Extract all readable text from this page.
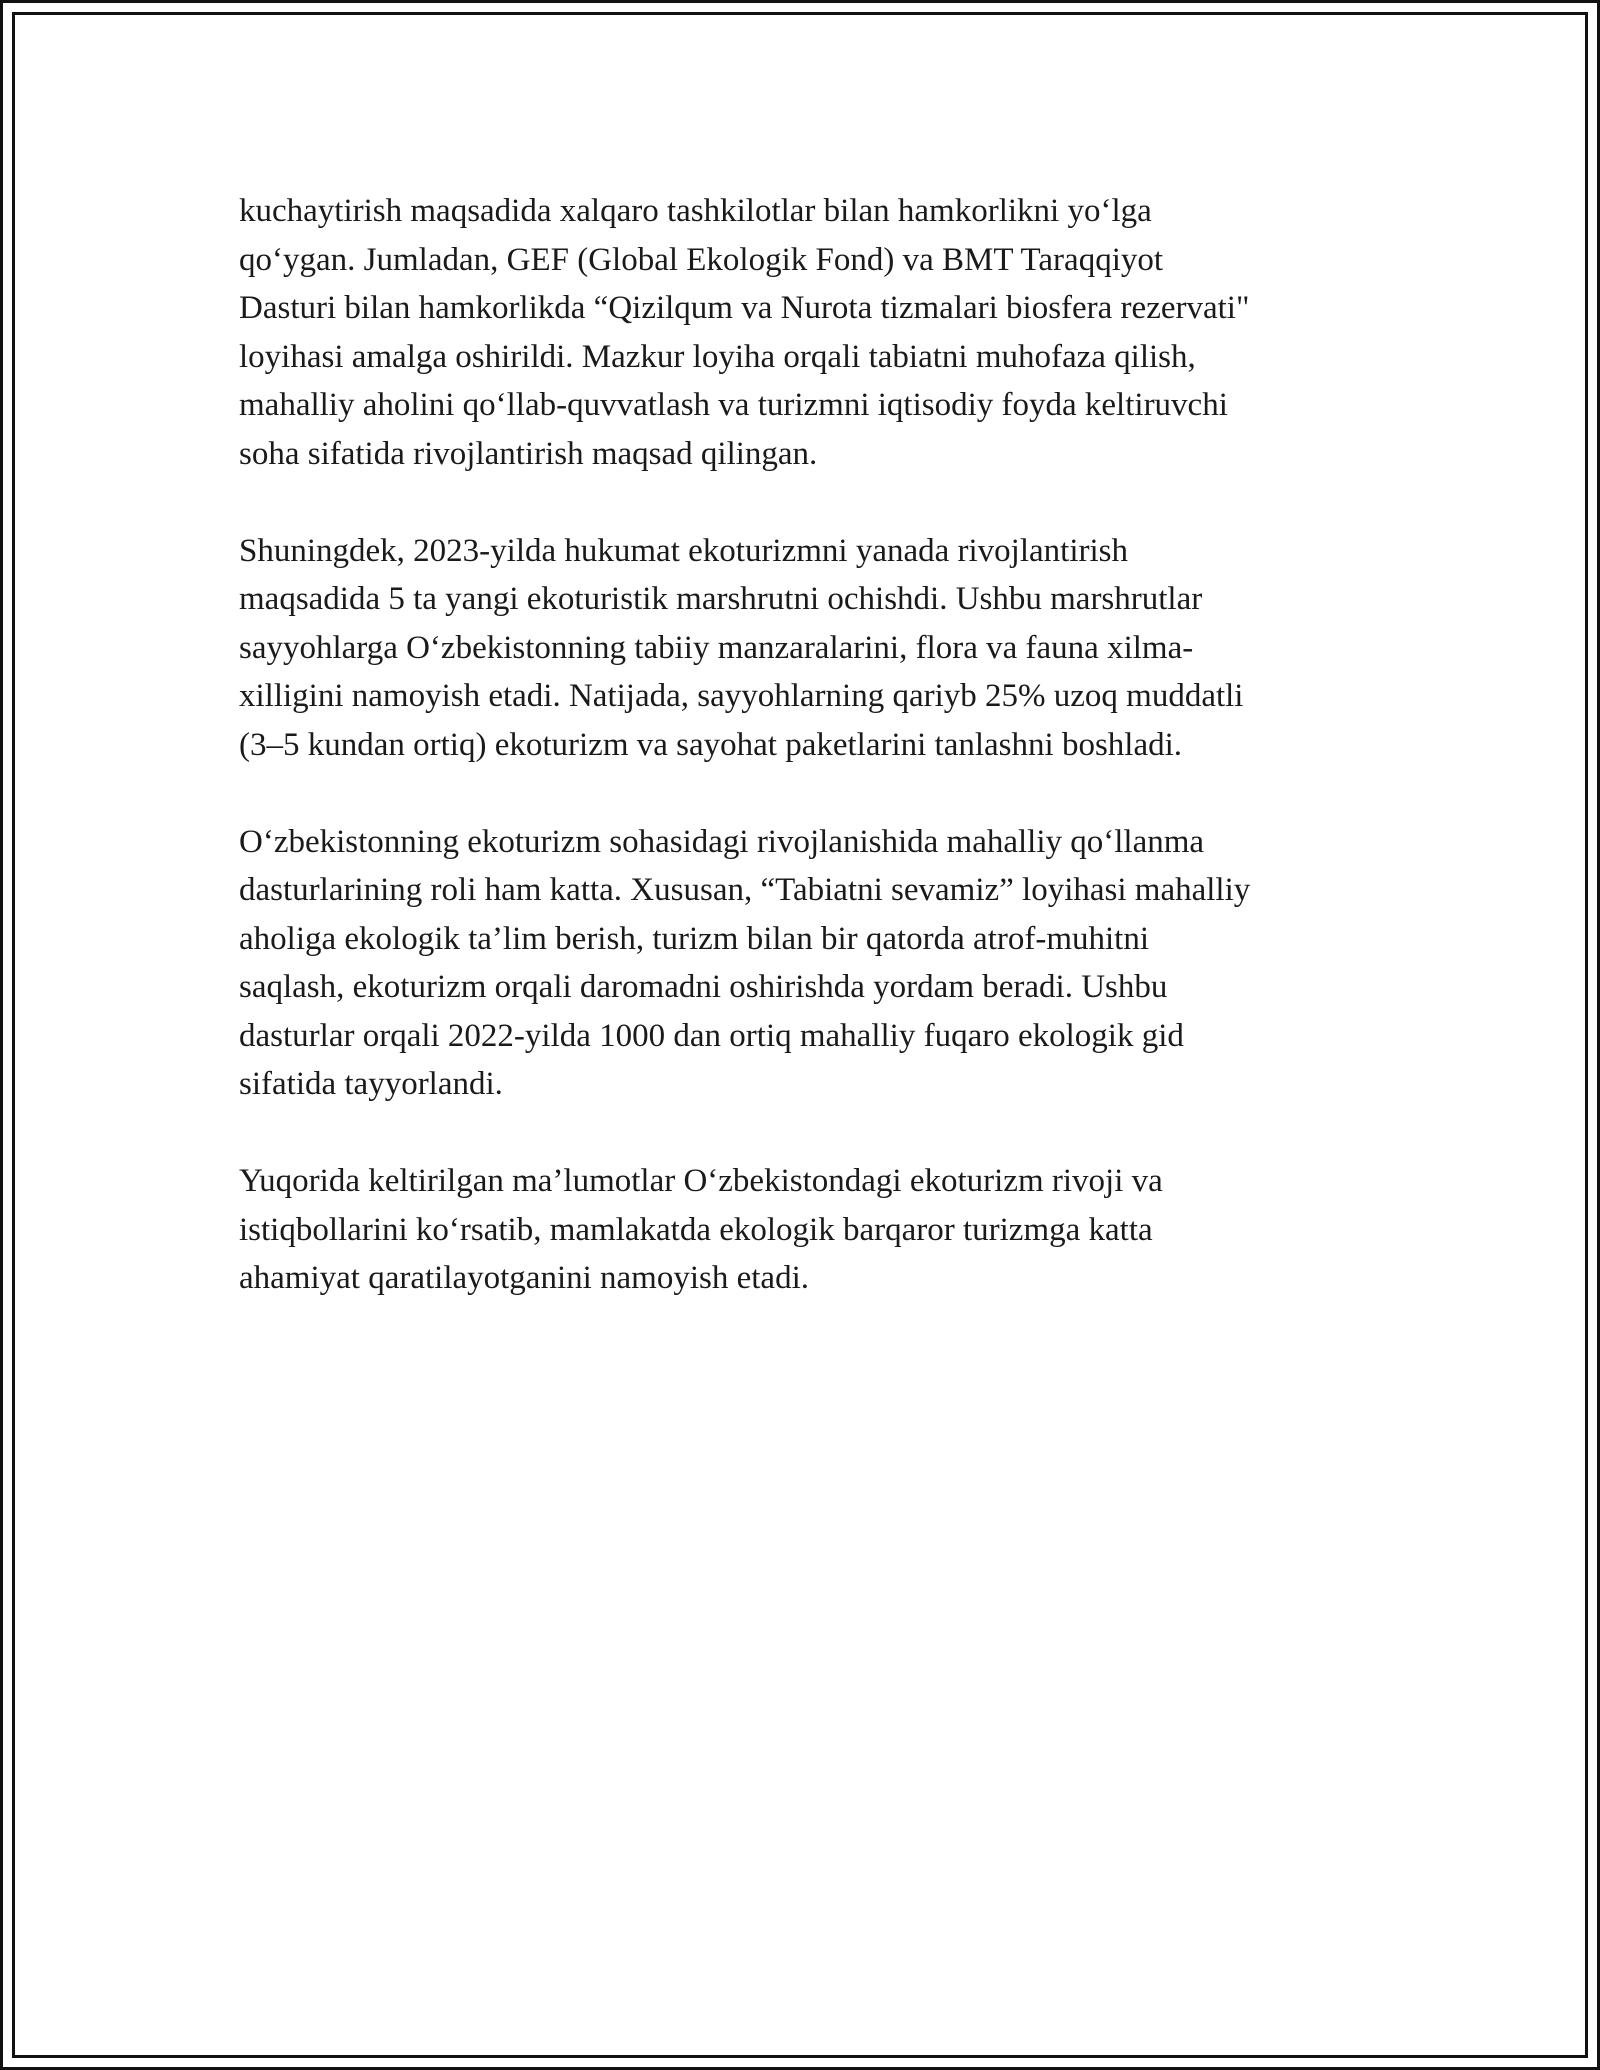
kuchaytirish maqsadida xalqaro tashkilotlar bilan hamkorlikni yo‘lga
qo‘ygan. Jumladan, GEF (Global Ekologik Fond) va BMT Taraqqiyot
Dasturi bilan hamkorlikda “Qizilqum va Nurota tizmalari biosfera rezervati"
loyihasi amalga oshirildi. Mazkur loyiha orqali tabiatni muhofaza qilish,
mahalliy aholini qo‘llab-quvvatlash va turizmni iqtisodiy foyda keltiruvchi
soha sifatida rivojlantirish maqsad qilingan.

Shuningdek, 2023-yilda hukumat ekoturizmni yanada rivojlantirish
maqsadida 5 ta yangi ekoturistik marshrutni ochishdi. Ushbu marshrutlar
sayyohlarga O‘zbekistonning tabiiy manzaralarini, flora va fauna xilma-
xilligini namoyish etadi. Natijada, sayyohlarning qariyb 25% uzoq muddatli
(3–5 kundan ortiq) ekoturizm va sayohat paketlarini tanlashni boshladi.

O‘zbekistonning ekoturizm sohasidagi rivojlanishida mahalliy qo‘llanma
dasturlarining roli ham katta. Xususan, “Tabiatni sevamiz” loyihasi mahalliy
aholiga ekologik ta’lim berish, turizm bilan bir qatorda atrof-muhitni
saqlash, ekoturizm orqali daromadni oshirishda yordam beradi. Ushbu
dasturlar orqali 2022-yilda 1000 dan ortiq mahalliy fuqaro ekologik gid
sifatida tayyorlandi.

Yuqorida keltirilgan ma’lumotlar O‘zbekistondagi ekoturizm rivoji va
istiqbollarini ko‘rsatib, mamlakatda ekologik barqaror turizmga katta
ahamiyat qaratilayotganini namoyish etadi.
